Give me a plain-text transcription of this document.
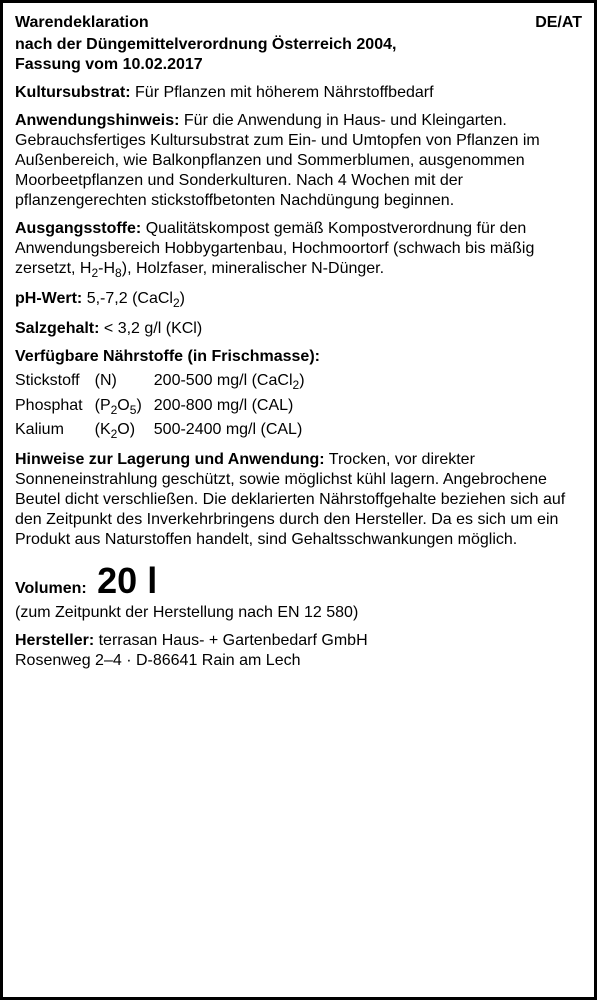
Warendeklaration	DE/AT
nach der Düngemittelverordnung Österreich 2004,
Fassung vom 10.02.2017
Kultursubstrat: Für Pflanzen mit höherem Nährstoffbedarf
Anwendungshinweis: Für die Anwendung in Haus- und Kleingarten. Gebrauchsfertiges Kultursubstrat zum Ein- und Umtopfen von Pflanzen im Außenbereich, wie Balkonpflanzen und Sommerblumen, ausgenommen Moorbeetpflanzen und Sonderkulturen. Nach 4 Wochen mit der pflanzengerechten stickstoffbetonten Nachdüngung beginnen.
Ausgangsstoffe: Qualitätskompost gemäß Kompostverordnung für den Anwendungsbereich Hobbygartenbau, Hochmoortorf (schwach bis mäßig zersetzt, $H_2-H_8$), Holzfaser, mineralischer N-Dünger.
pH-Wert: 5,-7,2 (CaCl$_2$)
Salzgehalt: < 3,2 g/l (KCl)
Verfügbare Nährstoffe (in Frischmasse):
Stickstoff (N)	200-500 mg/l (CaCl$_2$)
Phosphat $(P_2O_5)$ 200-800 mg/l (CAL)
Kalium	$(K_2O)$	500-2400 mg/l (CAL)
Hinweise zur Lagerung und Anwendung: Trocken, vor direkter Sonneneinstrahlung geschützt, sowie möglichst kühl lagern. Angebrochene Beutel dicht verschließen. Die deklarierten Nährstoffgehalte beziehen sich auf den Zeitpunkt des Inverkehrbringens durch den Hersteller. Da es sich um ein Produkt aus Naturstoffen handelt, sind Gehaltsschwankungen möglich.
Volumen: 20 l
(zum Zeitpunkt der Herstellung nach EN 12 580)
Hersteller: terrasan Haus- + Gartenbedarf GmbH
Rosenweg 2–4 · D-86641 Rain am Lech
